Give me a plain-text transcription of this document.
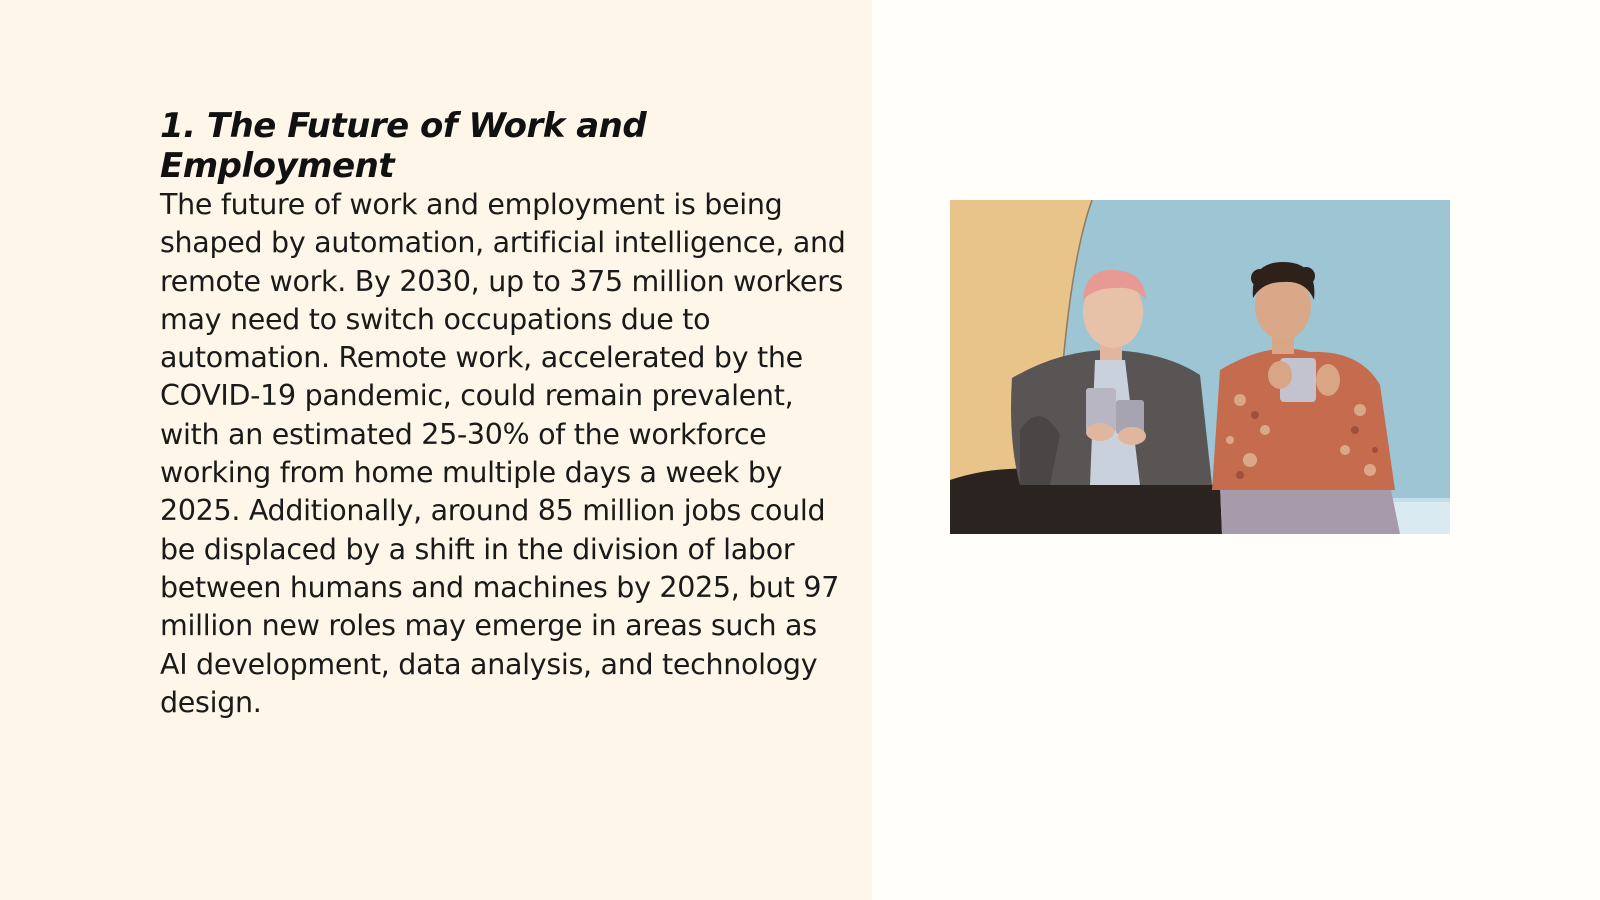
1. The Future of Work and Employment

The future of work and employment is being shaped by automation, artificial intelligence, and remote work. By 2030, up to 375 million workers may need to switch occupations due to automation. Remote work, accelerated by the COVID-19 pandemic, could remain prevalent, with an estimated 25-30% of the workforce working from home multiple days a week by 2025. Additionally, around 85 million jobs could be displaced by a shift in the division of labor between humans and machines by 2025, but 97 million new roles may emerge in areas such as AI development, data analysis, and technology design.
